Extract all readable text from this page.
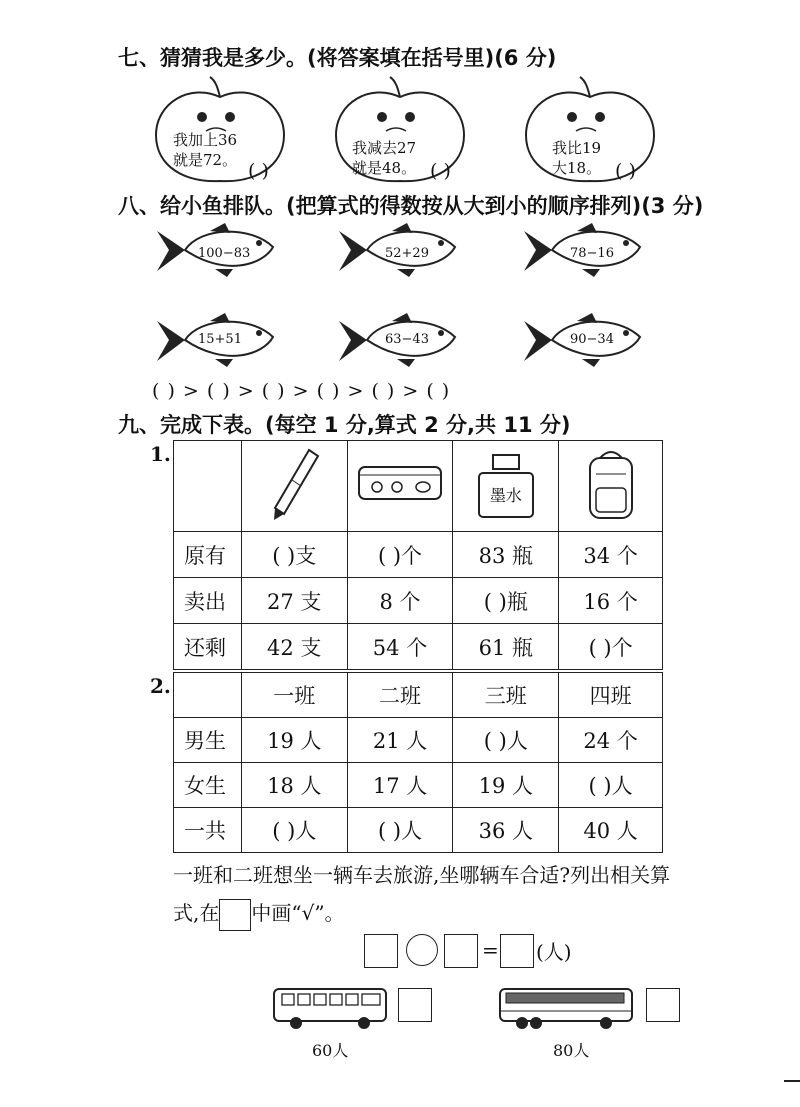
七、猜猜我是多少。(将答案填在括号里)(6 分)
我加上36
就是72。 ( )
我减去27
就是48。 ( )
我比19
大18。 ( )
八、给小鱼排队。(把算式的得数按从大到小的顺序排列)(3 分)
100−83	52+29	78−16
15+51	63−43	90−34
( ) > ( ) > ( ) > ( ) > ( ) > ( )
九、完成下表。(每空 1 分,算式 2 分,共 11 分)
1.

墨水

原有	( )支	( )个	83 瓶	34 个
卖出	27 支	8 个	( )瓶	16 个
还剩	42 支	54 个	61 瓶	( )个
2.
		一班	二班	三班	四班
男生	19 人	21 人	( )人	24 个
女生	18 人	17 人	19 人	( )人
一共	( )人	( )人	36 人	40 人
一班和二班想坐一辆车去旅游,坐哪辆车合适?列出相关算
式,在 中画“√”。
= (人)
60人	80人
